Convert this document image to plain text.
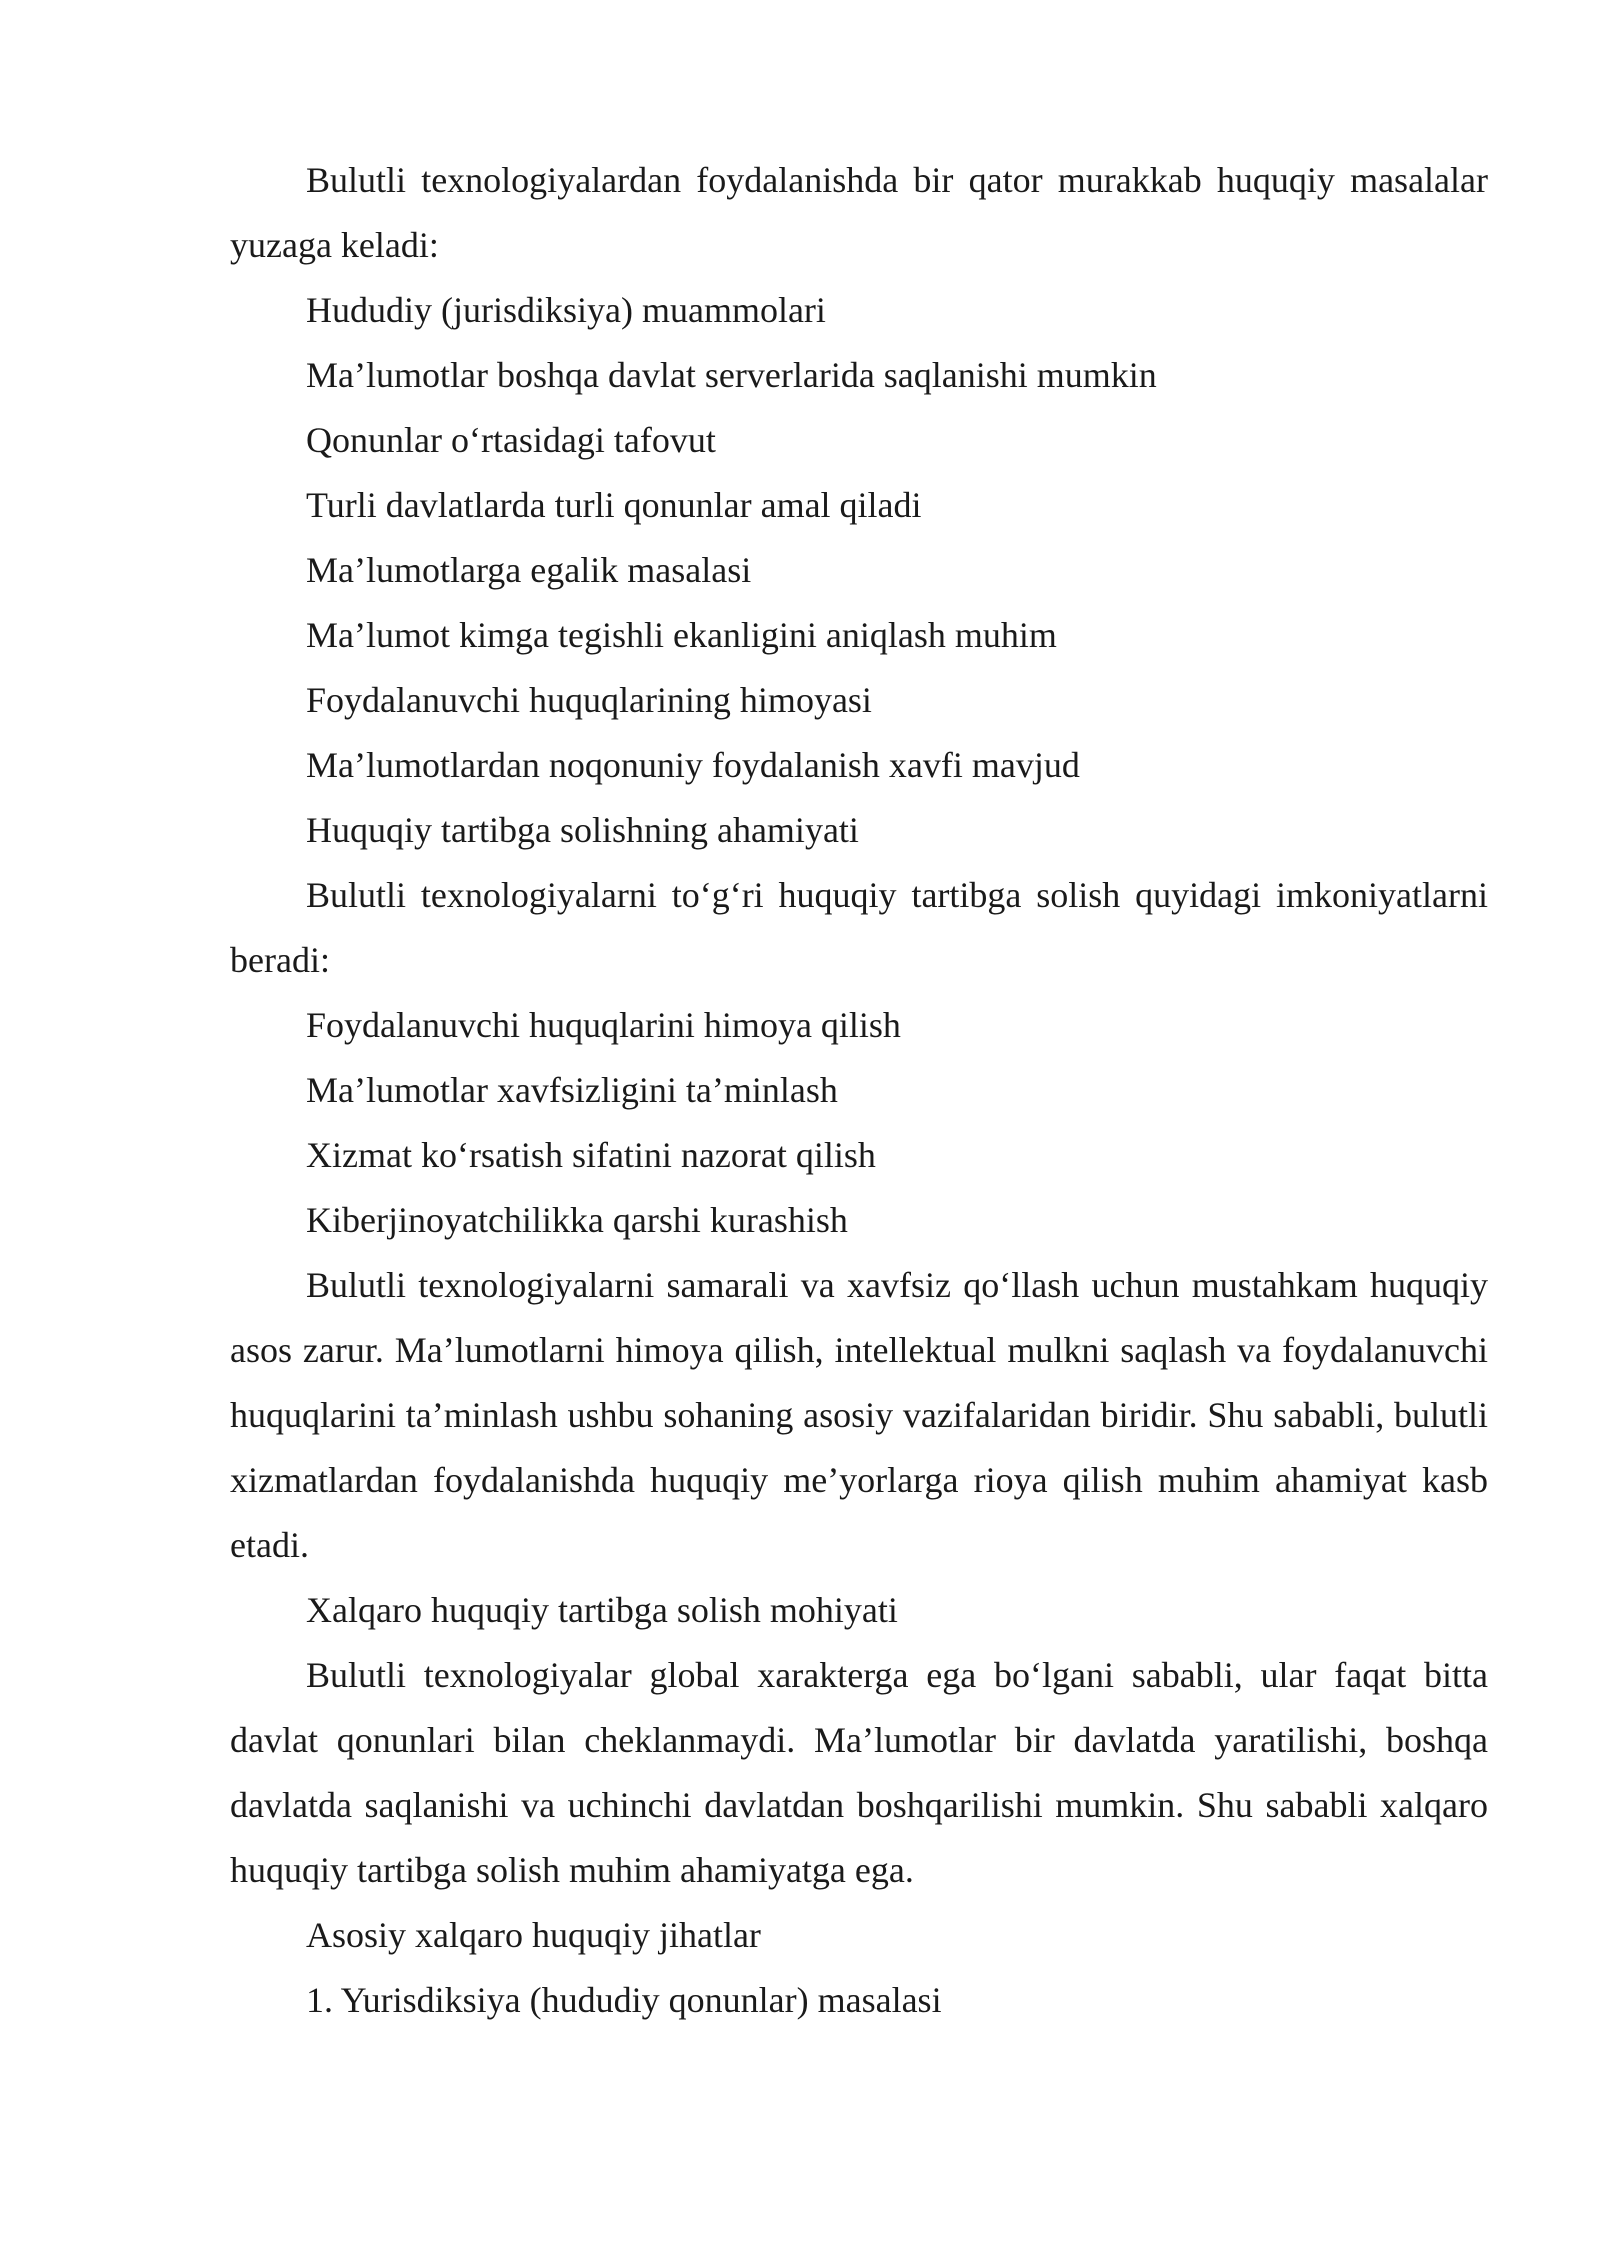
Bulutli texnologiyalardan foydalanishda bir qator murakkab huquqiy masalalar yuzaga keladi:

Hududiy (jurisdiksiya) muammolari

Ma’lumotlar boshqa davlat serverlarida saqlanishi mumkin

Qonunlar o‘rtasidagi tafovut

Turli davlatlarda turli qonunlar amal qiladi

Ma’lumotlarga egalik masalasi

Ma’lumot kimga tegishli ekanligini aniqlash muhim

Foydalanuvchi huquqlarining himoyasi

Ma’lumotlardan noqonuniy foydalanish xavfi mavjud

Huquqiy tartibga solishning ahamiyati

Bulutli texnologiyalarni to‘g‘ri huquqiy tartibga solish quyidagi imkoniyatlarni beradi:

Foydalanuvchi huquqlarini himoya qilish

Ma’lumotlar xavfsizligini ta’minlash

Xizmat ko‘rsatish sifatini nazorat qilish

Kiberjinoyatchilikka qarshi kurashish

Bulutli texnologiyalarni samarali va xavfsiz qo‘llash uchun mustahkam huquqiy asos zarur. Ma’lumotlarni himoya qilish, intellektual mulkni saqlash va foydalanuvchi huquqlarini ta’minlash ushbu sohaning asosiy vazifalaridan biridir. Shu sababli, bulutli xizmatlardan foydalanishda huquqiy me’yorlarga rioya qilish muhim ahamiyat kasb etadi.

Xalqaro huquqiy tartibga solish mohiyati

Bulutli texnologiyalar global xarakterga ega bo‘lgani sababli, ular faqat bitta davlat qonunlari bilan cheklanmaydi. Ma’lumotlar bir davlatda yaratilishi, boshqa davlatda saqlanishi va uchinchi davlatdan boshqarilishi mumkin. Shu sababli xalqaro huquqiy tartibga solish muhim ahamiyatga ega.

Asosiy xalqaro huquqiy jihatlar

1. Yurisdiksiya (hududiy qonunlar) masalasi
